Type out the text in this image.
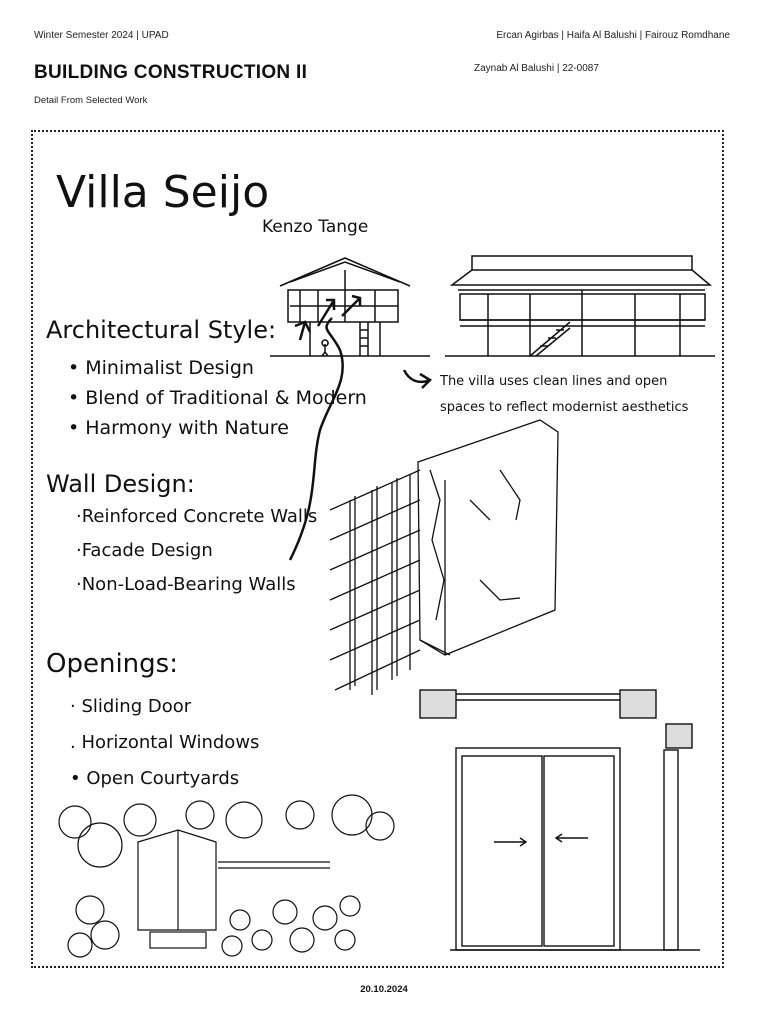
Winter Semester 2024 | UPAD	Ercan Agirbas | Haifa Al Balushi | Fairouz Romdhane
Zaynab Al Balushi | 22-0087
BUILDING CONSTRUCTION II
Detail From Selected Work
Villa Seijo
Kenzo Tange
Architectural Style:
• Minimalist Design
• Blend of Traditional & Modern
• Harmony with Nature
Wall Design:
·Reinforced Concrete Walls
·Facade Design
·Non-Load-Bearing Walls
Openings:
· Sliding Door
. Horizontal Windows
• Open Courtyards
The villa uses clean lines and open
spaces to reflect modernist aesthetics
20.10.2024
